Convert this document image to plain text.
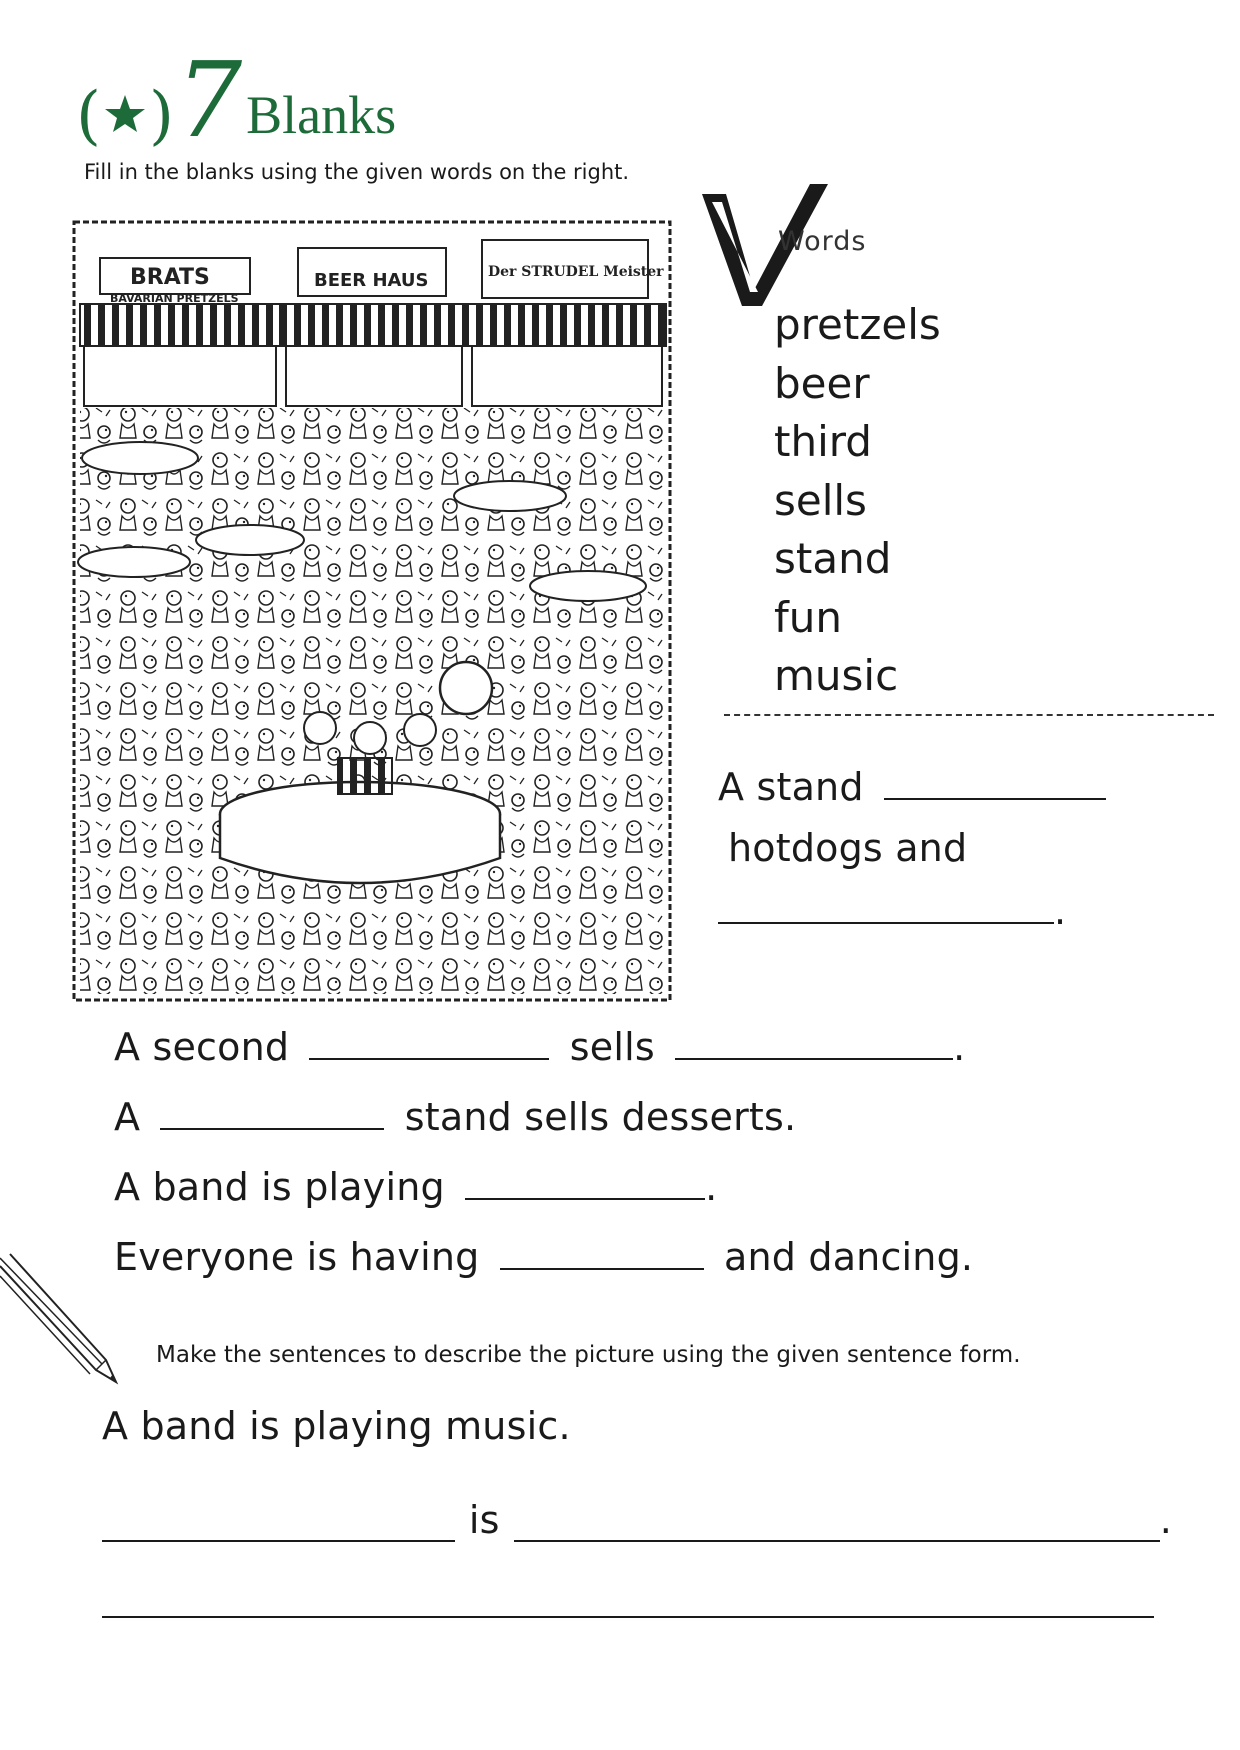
( ) 7 Blanks
Fill in the blanks using the given words on the right.
BRATS
BAVARIAN PRETZELS
BEER HAUS	Der STRUDEL Meister
Words
pretzels
beer
third
sells
stand
fun
music
A stand
hotdogs and
.
A second	sells	.
A	stand sells desserts.
A band is playing	.
Everyone is having	and dancing.
Make the sentences to describe the picture using the given sentence form.
A band is playing music.
is	.
